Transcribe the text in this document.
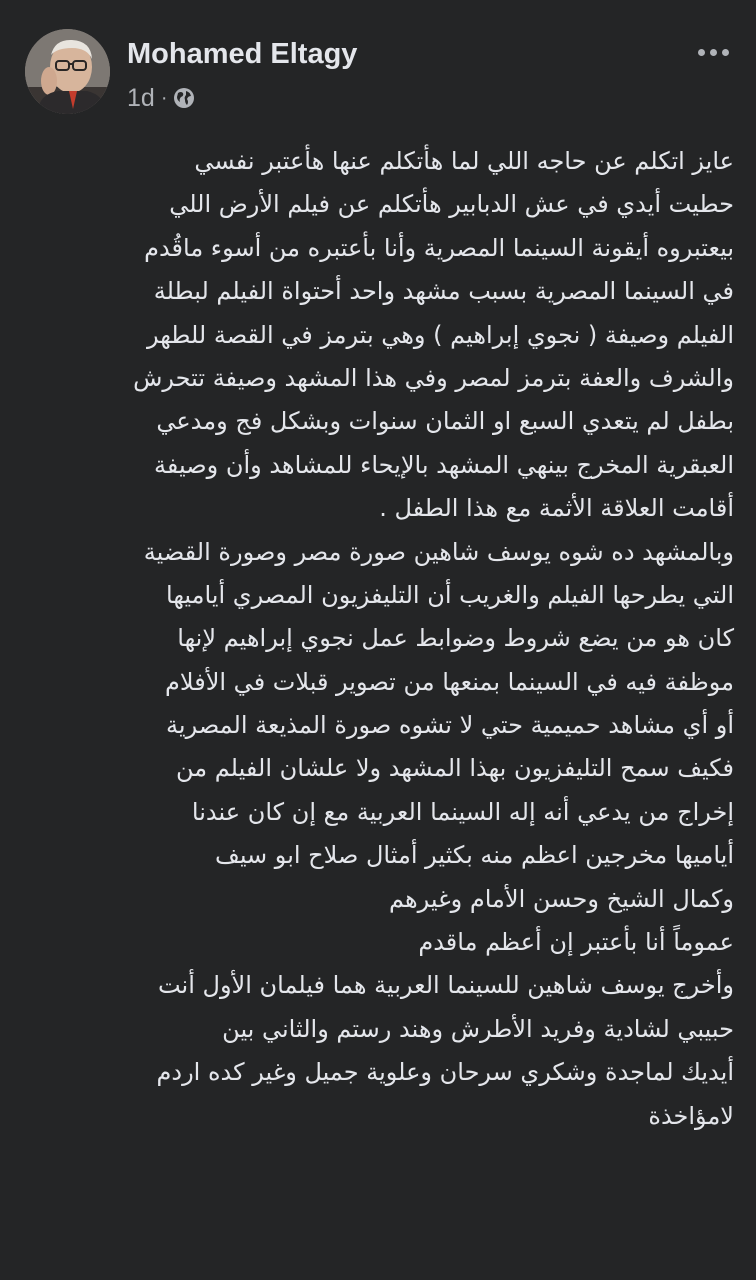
Mohamed Eltagy
1d ·
عايز اتكلم عن حاجه اللي لما هأتكلم عنها هأعتبر نفسي
حطيت أيدي في عش الدبابير هأتكلم عن فيلم الأرض اللي
بيعتبروه أيقونة السينما المصرية وأنا بأعتبره من أسوء ماقُدم
في السينما المصرية بسبب مشهد واحد أحتواة الفيلم لبطلة
الفيلم وصيفة ( نجوي إبراهيم ) وهي بترمز في القصة للطهر
والشرف والعفة بترمز لمصر وفي هذا المشهد وصيفة تتحرش
بطفل لم يتعدي السبع او الثمان سنوات وبشكل فج ومدعي
العبقرية المخرج بينهي المشهد بالإيحاء للمشاهد وأن وصيفة
أقامت العلاقة الأثمة مع هذا الطفل .
وبالمشهد ده شوه يوسف شاهين صورة مصر وصورة القضية
التي يطرحها الفيلم والغريب أن التليفزيون المصري أياميها
كان هو من يضع شروط وضوابط عمل نجوي إبراهيم لإنها
موظفة فيه في السينما بمنعها من تصوير قبلات في الأفلام
أو أي مشاهد حميمية حتي لا تشوه صورة المذيعة المصرية
فكيف سمح التليفزيون بهذا المشهد ولا علشان الفيلم من
إخراج من يدعي أنه إله السينما العربية مع إن كان عندنا
أياميها مخرجين اعظم منه بكثير أمثال صلاح ابو سيف
وكمال الشيخ وحسن الأمام وغيرهم
عموماً أنا بأعتبر إن أعظم ماقدم
وأخرج يوسف شاهين للسينما العربية هما فيلمان الأول أنت
حبيبي لشادية وفريد الأطرش وهند رستم والثاني بين
أيديك لماجدة وشكري سرحان وعلوية جميل وغير كده اردم
لامؤاخذة
